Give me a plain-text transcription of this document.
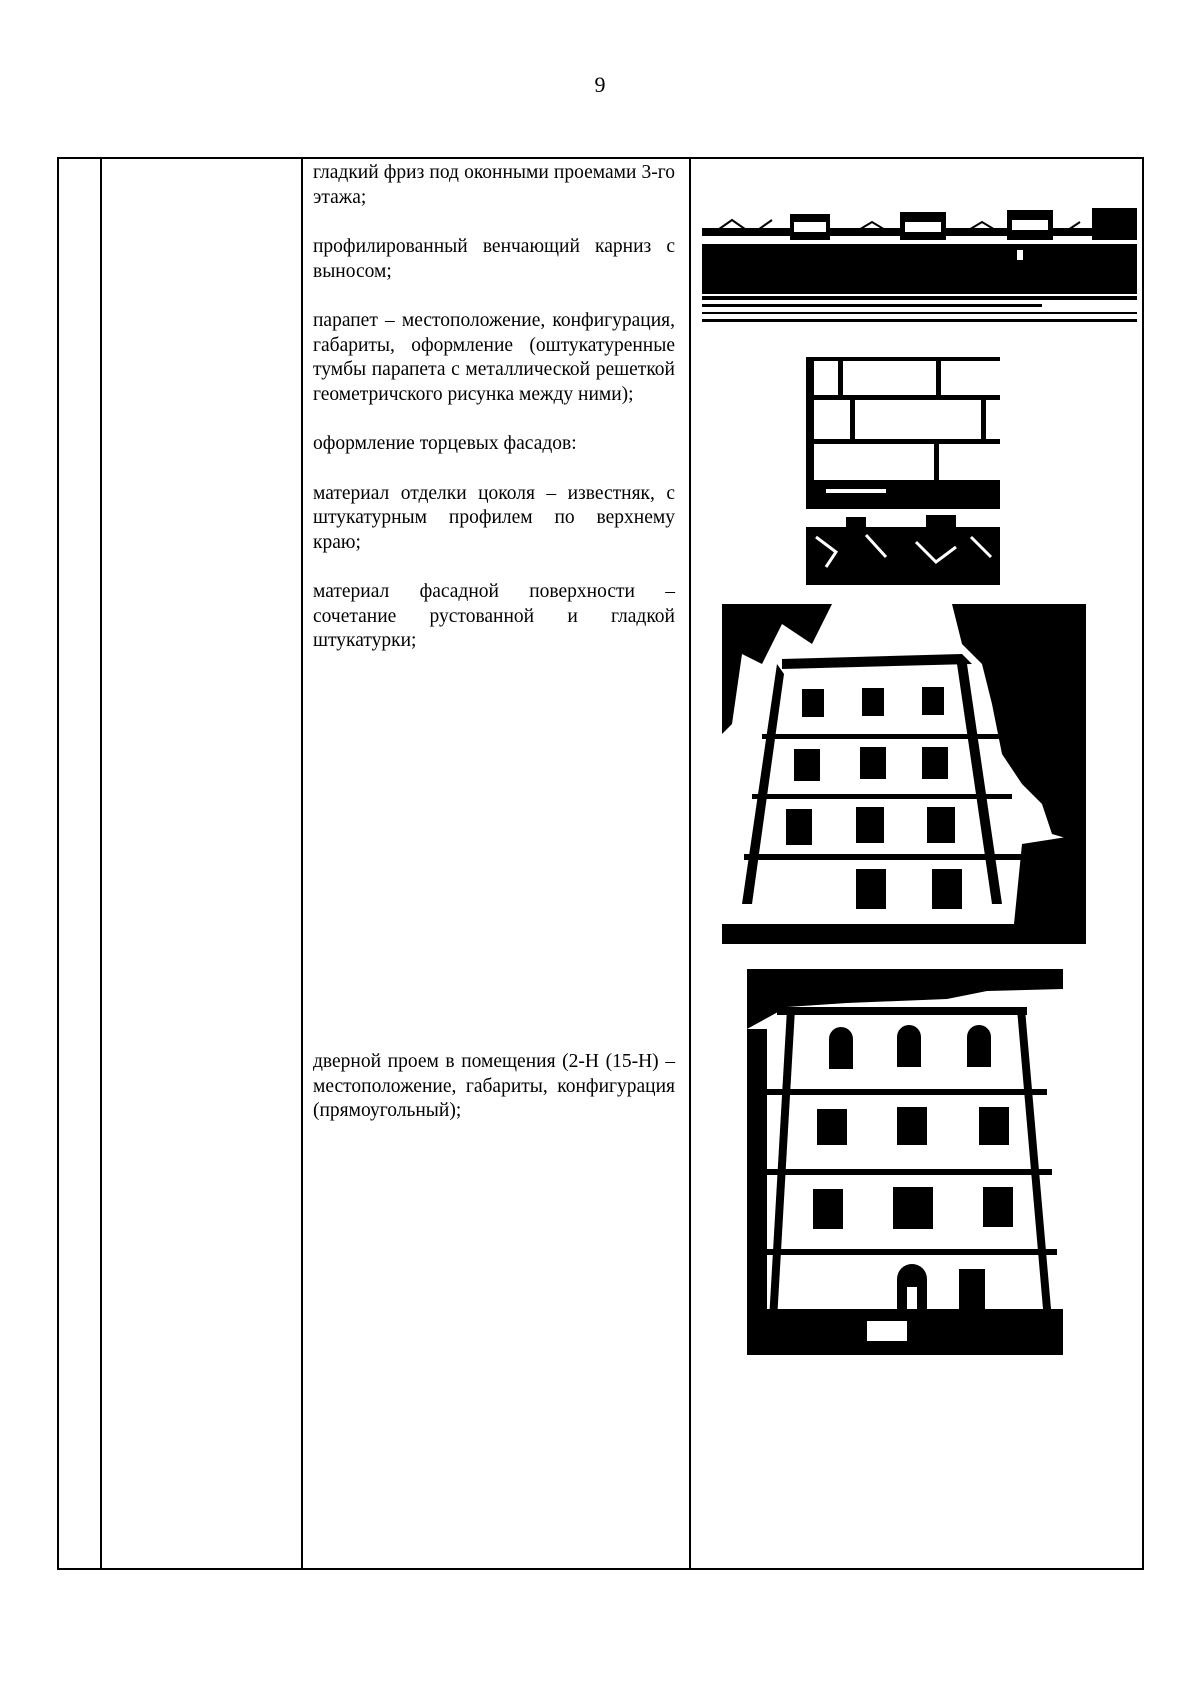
9

гладкий фриз под оконными проемами 3-го этажа;

профилированный венчающий карниз с выносом;

парапет – местоположение, конфигурация, габариты, оформление (оштукатуренные тумбы парапета с металлической решеткой геометричского рисунка между ними);

оформление торцевых фасадов:

материал отделки цоколя – известняк, с штукатурным профилем по верхнему краю;

материал фасадной поверхности – сочетание рустованной и гладкой штукатурки;

дверной проем в помещения (2-Н (15-Н) – местоположение, габариты, конфигурация (прямоугольный);
